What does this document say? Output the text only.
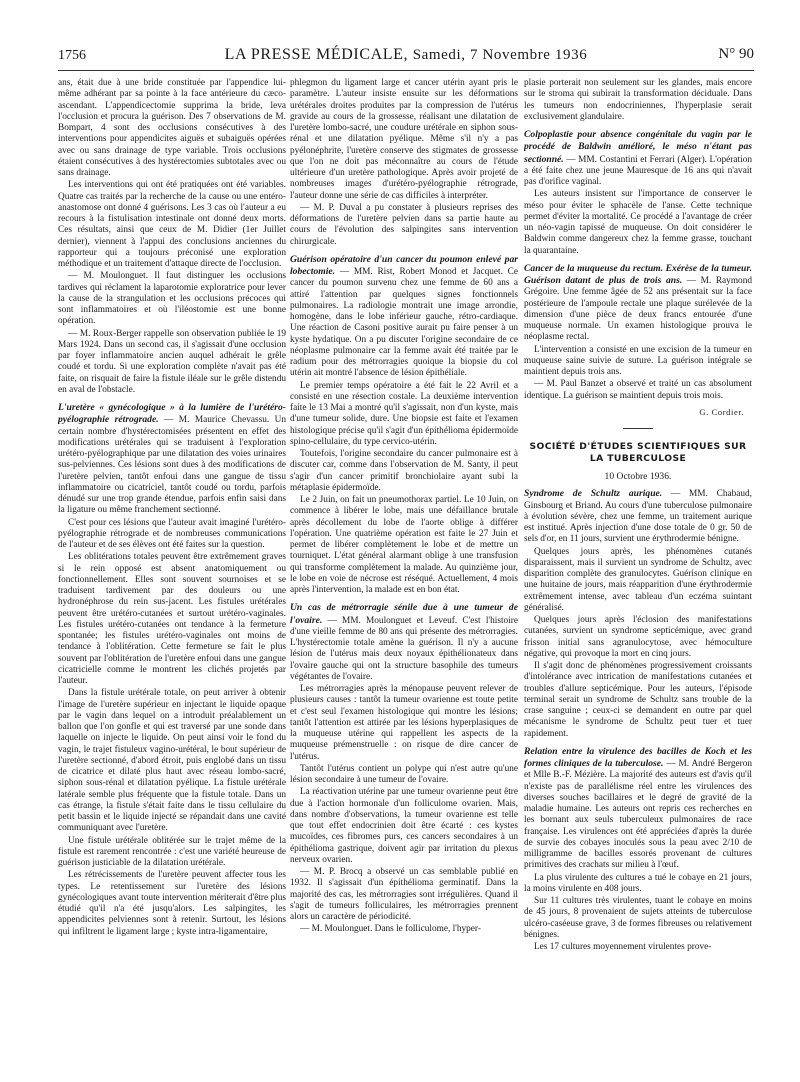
1756	LA PRESSE MÉDICALE, Samedi, 7 Novembre 1936	N° 90

ans, était due à une bride constituée par l'appendice lui-même adhérant par sa pointe à la face antérieure du cæco-ascendant. L'appendicectomie supprima la bride, leva l'occlusion et procura la guérison. Des 7 observations de M. Bompart, 4 sont des occlusions consécutives à des interventions pour appendicites aiguës et subaiguës opérées avec ou sans drainage de type variable. Trois occlusions étaient consécutives à des hystérectomies subtotales avec ou sans drainage.

Les interventions qui ont été pratiquées ont été variables. Quatre cas traités par la recherche de la cause ou une entéro-anastomose ont donné 4 guérisons. Les 3 cas où l'auteur a eu recours à la fistulisation intestinale ont donné deux morts. Ces résultats, ainsi que ceux de M. Didier (1er Juillet dernier), viennent à l'appui des conclusions anciennes du rapporteur qui a toujours préconisé une exploration méthodique et un traitement d'attaque directe de l'occlusion.

— M. Moulonguet. Il faut distinguer les occlusions tardives qui réclament la laparotomie exploratrice pour lever la cause de la strangulation et les occlusions précoces qui sont inflammatoires et où l'iléostomie est une bonne opération.

— M. Roux-Berger rappelle son observation publiée le 19 Mars 1924. Dans un second cas, il s'agissait d'une occlusion par foyer inflammatoire ancien auquel adhérait le grêle coudé et tordu. Si une exploration complète n'avait pas été faite, on risquait de faire la fistule iléale sur le grêle distendu en aval de l'obstacle.

L'uretère « gynécologique » à la lumière de l'urétéro-pyélographie rétrograde. — M. Maurice Chevassu. Un certain nombre d'hystérectomisées présentent en effet des modifications urétérales qui se traduisent à l'exploration urétéro-pyélographique par une dilatation des voies urinaires sus-pelviennes. Ces lésions sont dues à des modifications de l'uretère pelvien, tantôt enfoui dans une gangue de tissu inflammatoire ou cicatriciel, tantôt coudé ou tordu, parfois dénudé sur une trop grande étendue, parfois enfin saisi dans la ligature ou même franchement sectionné.

C'est pour ces lésions que l'auteur avait imaginé l'urétéro-pyélographie rétrograde et de nombreuses communications de l'auteur et de ses élèves ont été faites sur la question.

Les oblitérations totales peuvent être extrêmement graves si le rein opposé est absent anatomiquement ou fonctionnellement. Elles sont souvent sournoises et se traduisent tardivement par des douleurs ou une hydronéphrose du rein sus-jacent. Les fistules urétérales peuvent être urétéro-cutanées et surtout urétéro-vaginales. Les fistules urétéro-cutanées ont tendance à la fermeture spontanée; les fistules urétéro-vaginales ont moins de tendance à l'oblitération. Cette fermeture se fait le plus souvent par l'oblitération de l'uretère enfoui dans une gangue cicatricielle comme le montrent les clichés projetés par l'auteur.

Dans la fistule urétérale totale, on peut arriver à obtenir l'image de l'uretère supérieur en injectant le liquide opaque par le vagin dans lequel on a introduit préalablement un ballon que l'on gonfle et qui est traversé par une sonde dans laquelle on injecte le liquide. On peut ainsi voir le fond du vagin, le trajet fistuleux vagino-urétéral, le bout supérieur de l'uretère sectionné, d'abord étroit, puis englobé dans un tissu de cicatrice et dilaté plus haut avec réseau lombo-sacré, siphon sous-rénal et dilatation pyélique. La fistule urétérale latérale semble plus fréquente que la fistule totale. Dans un cas étrange, la fistule s'était faite dans le tissu cellulaire du petit bassin et le liquide injecté se répandait dans une cavité communiquant avec l'uretère.

Une fistule urétérale oblitérée sur le trajet même de la fistule est rarement rencontrée : c'est une variété heureuse de guérison justiciable de la dilatation urétérale.

Les rétrécissements de l'uretère peuvent affecter tous les types. Le retentissement sur l'uretère des lésions gynécologiques avant toute intervention mériterait d'être plus étudié qu'il n'a été jusqu'alors. Les salpingites, les appendicites pelviennes sont à retenir. Surtout, les lésions qui infiltrent le ligament large ; kyste intra-ligamentaire,

phlegmon du ligament large et cancer utérin ayant pris le paramètre. L'auteur insiste ensuite sur les déformations urétérales droites produites par la compression de l'utérus gravide au cours de la grossesse, réalisant une dilatation de l'uretère lombo-sacré, une coudure urétérale en siphon sous-rénal et une dilatation pyélique. Même s'il n'y a pas pyélonéphrite, l'uretère conserve des stigmates de grossesse que l'on ne doit pas méconnaître au cours de l'étude ultérieure d'un uretère pathologique. Après avoir projeté de nombreuses images d'urétéro-pyélographie rétrograde, l'auteur donne une série de cas difficiles à interpréter.

— M. P. Duval a pu constater à plusieurs reprises des déformations de l'uretère pelvien dans sa partie haute au cours de l'évolution des salpingites sans intervention chirurgicale.

Guérison opératoire d'un cancer du poumon enlevé par lobectomie. — MM. Rist, Robert Monod et Jacquet. Ce cancer du poumon survenu chez une femme de 60 ans a attiré l'attention par quelques signes fonctionnels pulmonaires. La radiologie montrait une image arrondie, homogène, dans le lobe inférieur gauche, rétro-cardiaque. Une réaction de Casoni positive aurait pu faire penser à un kyste hydatique. On a pu discuter l'origine secondaire de ce néoplasme pulmonaire car la femme avait été traitée par le radium pour des métrorragies quoique la biopsie du col utérin ait montré l'absence de lésion épithéliale.

Le premier temps opératoire a été fait le 22 Avril et a consisté en une résection costale. La deuxième intervention faite le 13 Mai a montré qu'il s'agissait, non d'un kyste, mais d'une tumeur solide, dure. Une biopsie est faite et l'examen histologique précise qu'il s'agit d'un épithélioma épidermoïde spino-cellulaire, du type cervico-utérin.

Toutefois, l'origine secondaire du cancer pulmonaire est à discuter car, comme dans l'observation de M. Santy, il peut s'agir d'un cancer primitif bronchiolaire ayant subi la métaplasie épidermoïde.

Le 2 Juin, on fait un pneumothorax partiel. Le 10 Juin, on commence à libérer le lobe, mais une défaillance brutale après décollement du lobe de l'aorte oblige à différer l'opération. Une quatrième opération est faite le 27 Juin et permet de libérer complètement le lobe et de mettre un tourniquet. L'état général alarmant oblige à une transfusion qui transforme complètement la malade. Au quinzième jour, le lobe en voie de nécrose est réséqué. Actuellement, 4 mois après l'intervention, la malade est en bon état.

Un cas de métrorragie sénile due à une tumeur de l'ovaire. — MM. Moulonguet et Leveuf. C'est l'histoire d'une vieille femme de 80 ans qui présente des métrorragies. L'hystérectomie totale amène la guérison. Il n'y a aucune lésion de l'utérus mais deux noyaux épithélionateux dans l'ovaire gauche qui ont la structure basophile des tumeurs végétantes de l'ovaire.

Les métrorragies après la ménopause peuvent relever de plusieurs causes : tantôt la tumeur ovarienne est toute petite et c'est seul l'examen histologique qui montre les lésions; tantôt l'attention est attirée par les lésions hyperplasiques de la muqueuse utérine qui rappellent les aspects de la muqueuse prémenstruelle : on risque de dire cancer de l'utérus.

Tantôt l'utérus contient un polype qui n'est autre qu'une lésion secondaire à une tumeur de l'ovaire.

La réactivation utérine par une tumeur ovarienne peut être due à l'action hormonale d'un folliculome ovarien. Mais, dans nombre d'observations, la tumeur ovarienne est telle que tout effet endocrinien doit être écarté : ces kystes mucoïdes, ces fibromes purs, ces cancers secondaires à un épithélioma gastrique, doivent agir par irritation du plexus nerveux ovarien.

— M. P. Brocq a observé un cas semblable publié en 1932. Il s'agissait d'un épithélioma germinatif. Dans la majorité des cas, les métrorragies sont irrégulières. Quand il s'agit de tumeurs folliculaires, les métrorragies prennent alors un caractère de périodicité.

— M. Moulonguet. Dans le folliculome, l'hyper-

plasie porterait non seulement sur les glandes, mais encore sur le stroma qui subirait la transformation déciduale. Dans les tumeurs non endocriniennes, l'hyperplasie serait exclusivement glandulaire.

Colpoplastie pour absence congénitale du vagin par le procédé de Baldwin amélioré, le méso n'étant pas sectionné. — MM. Costantini et Ferrari (Alger). L'opération a été faite chez une jeune Mauresque de 16 ans qui n'avait pas d'orifice vaginal.

Les auteurs insistent sur l'importance de conserver le méso pour éviter le sphacèle de l'anse. Cette technique permet d'éviter la mortalité. Ce procédé a l'avantage de créer un néo-vagin tapissé de muqueuse. On doit considérer le Baldwin comme dangereux chez la femme grasse, touchant la quarantaine.

Cancer de la muqueuse du rectum. Exérèse de la tumeur. Guérison datant de plus de trois ans. — M. Raymond Grégoire. Une femme âgée de 52 ans présentait sur la face postérieure de l'ampoule rectale une plaque surélevée de la dimension d'une pièce de deux francs entourée d'une muqueuse normale. Un examen histologique prouva le néoplasme rectal.

L'intervention a consisté en une excision de la tumeur en muqueuse saine suivie de suture. La guérison intégrale se maintient depuis trois ans.

— M. Paul Banzet a observé et traité un cas absolument identique. La guérison se maintient depuis trois mois.

G. Cordier.
SOCIÉTÉ D'ÉTUDES SCIENTIFIQUES SUR LA TUBERCULOSE
10 Octobre 1936.

Syndrome de Schultz aurique. — MM. Chabaud, Ginsbourg et Briand. Au cours d'une tuberculose pulmonaire à évolution sévère, chez une femme, un traitement aurique est institué. Après injection d'une dose totale de 0 gr. 50 de sels d'or, en 11 jours, survient une érythrodermie bénigne.

Quelques jours après, les phénomènes cutanés disparaissent, mais il survient un syndrome de Schultz, avec disparition complète des granulocytes. Guérison clinique en une huitaine de jours, mais réapparition d'une érythrodermie extrêmement intense, avec tableau d'un eczéma suintant généralisé.

Quelques jours après l'éclosion des manifestations cutanées, survient un syndrome septicémique, avec grand frisson initial sans agranulocytose, avec hémoculture négative, qui provoque la mort en cinq jours.

Il s'agit donc de phénomènes progressivement croissants d'intolérance avec intrication de manifestations cutanées et troubles d'allure septicémique. Pour les auteurs, l'épisode terminal serait un syndrome de Schultz sans trouble de la crase sanguine ; ceux-ci se demandent en outre par quel mécanisme le syndrome de Schultz peut tuer et tuer rapidement.

Relation entre la virulence des bacilles de Koch et les formes cliniques de la tuberculose. — M. André Bergeron et Mlle B.-F. Mézière. La majorité des auteurs est d'avis qu'il n'existe pas de parallélisme réel entre les virulences des diverses souches bacillaires et le degré de gravité de la maladie humaine. Les auteurs ont repris ces recherches en les bornant aux seuls tuberculeux pulmonaires de race française. Les virulences ont été appréciées d'après la durée de survie des cobayes inoculés sous la peau avec 2/10 de milligramme de bacilles essorés provenant de cultures primitives des crachats sur milieu à l'œuf.

La plus virulente des cultures a tué le cobaye en 21 jours, la moins virulente en 408 jours.

Sur 11 cultures très virulentes, tuant le cobaye en moins de 45 jours, 8 provenaient de sujets atteints de tuberculose ulcéro-caséeuse grave, 3 de formes fibreuses ou relativement bénignes.

Les 17 cultures moyennement virulentes prove-
